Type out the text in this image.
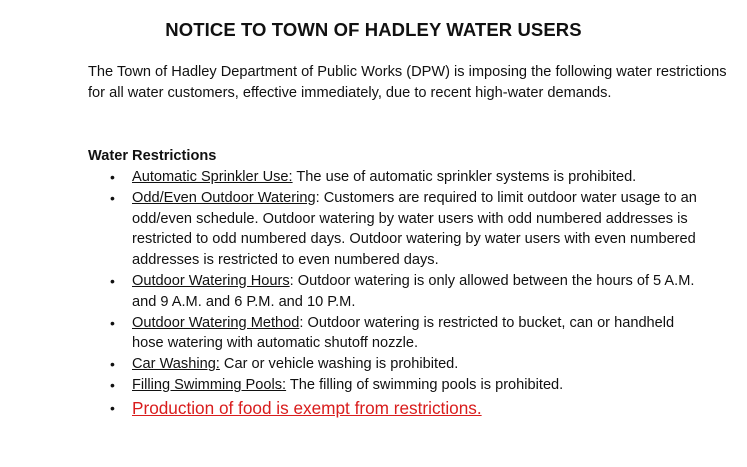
NOTICE TO TOWN OF HADLEY WATER USERS
The Town of Hadley Department of Public Works (DPW) is imposing the following water restrictions for all water customers, effective immediately, due to recent high-water demands.
Water Restrictions
• Automatic Sprinkler Use: The use of automatic sprinkler systems is prohibited.
• Odd/Even Outdoor Watering: Customers are required to limit outdoor water usage to an odd/even schedule. Outdoor watering by water users with odd numbered addresses is restricted to odd numbered days. Outdoor watering by water users with even numbered addresses is restricted to even numbered days.
• Outdoor Watering Hours: Outdoor watering is only allowed between the hours of 5 A.M. and 9 A.M. and 6 P.M. and 10 P.M.
• Outdoor Watering Method: Outdoor watering is restricted to bucket, can or handheld hose watering with automatic shutoff nozzle.
• Car Washing: Car or vehicle washing is prohibited.
• Filling Swimming Pools: The filling of swimming pools is prohibited.
• Production of food is exempt from restrictions.
